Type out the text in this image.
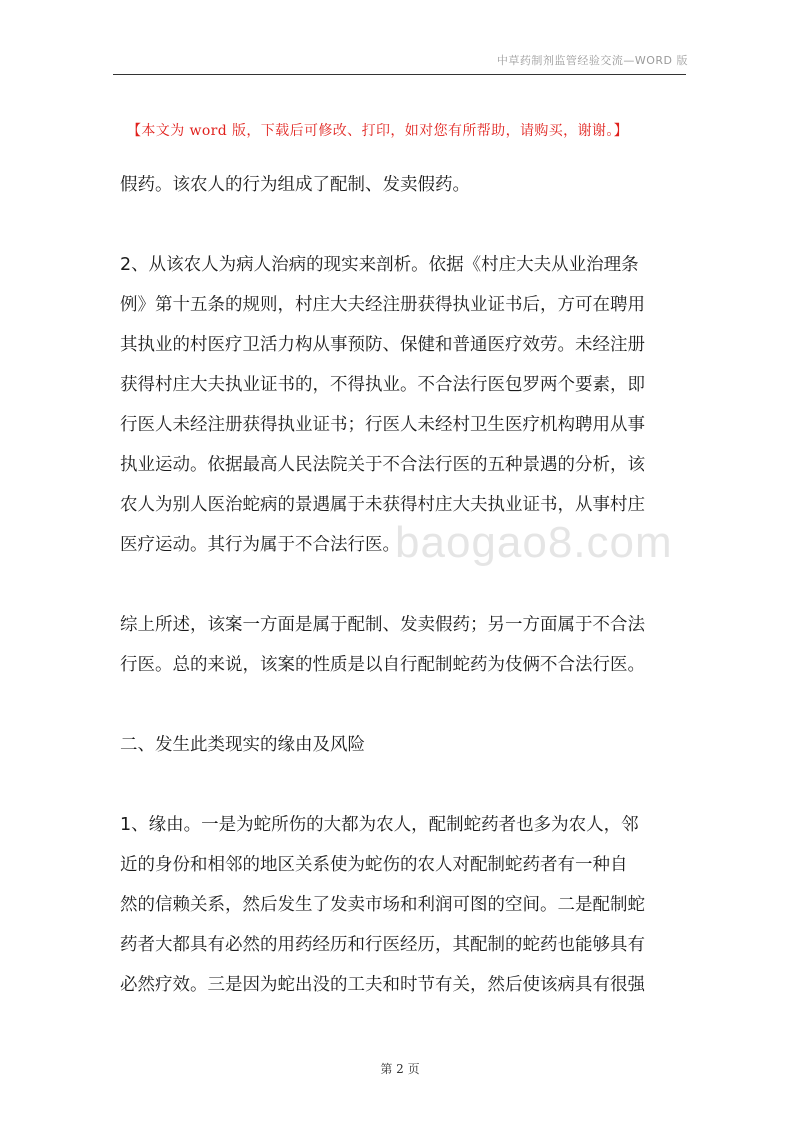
中草药制剂监管经验交流—WORD 版
【本文为 word 版，下载后可修改、打印，如对您有所帮助，请购买，谢谢。】
假药。该农人的行为组成了配制、发卖假药。
2、从该农人为病人治病的现实来剖析。依据《村庄大夫从业治理条
例》第十五条的规则，村庄大夫经注册获得执业证书后，方可在聘用
其执业的村医疗卫活力构从事预防、保健和普通医疗效劳。未经注册
获得村庄大夫执业证书的，不得执业。不合法行医包罗两个要素，即
行医人未经注册获得执业证书；行医人未经村卫生医疗机构聘用从事
执业运动。依据最高人民法院关于不合法行医的五种景遇的分析，该
农人为别人医治蛇病的景遇属于未获得村庄大夫执业证书，从事村庄
医疗运动。其行为属于不合法行医。
综上所述，该案一方面是属于配制、发卖假药；另一方面属于不合法
行医。总的来说，该案的性质是以自行配制蛇药为伎俩不合法行医。
二、发生此类现实的缘由及风险
1、缘由。一是为蛇所伤的大都为农人，配制蛇药者也多为农人，邻
近的身份和相邻的地区关系使为蛇伤的农人对配制蛇药者有一种自
然的信赖关系，然后发生了发卖市场和利润可图的空间。二是配制蛇
药者大都具有必然的用药经历和行医经历，其配制的蛇药也能够具有
必然疗效。三是因为蛇出没的工夫和时节有关，然后使该病具有很强
baogao8.com
第 2 页
